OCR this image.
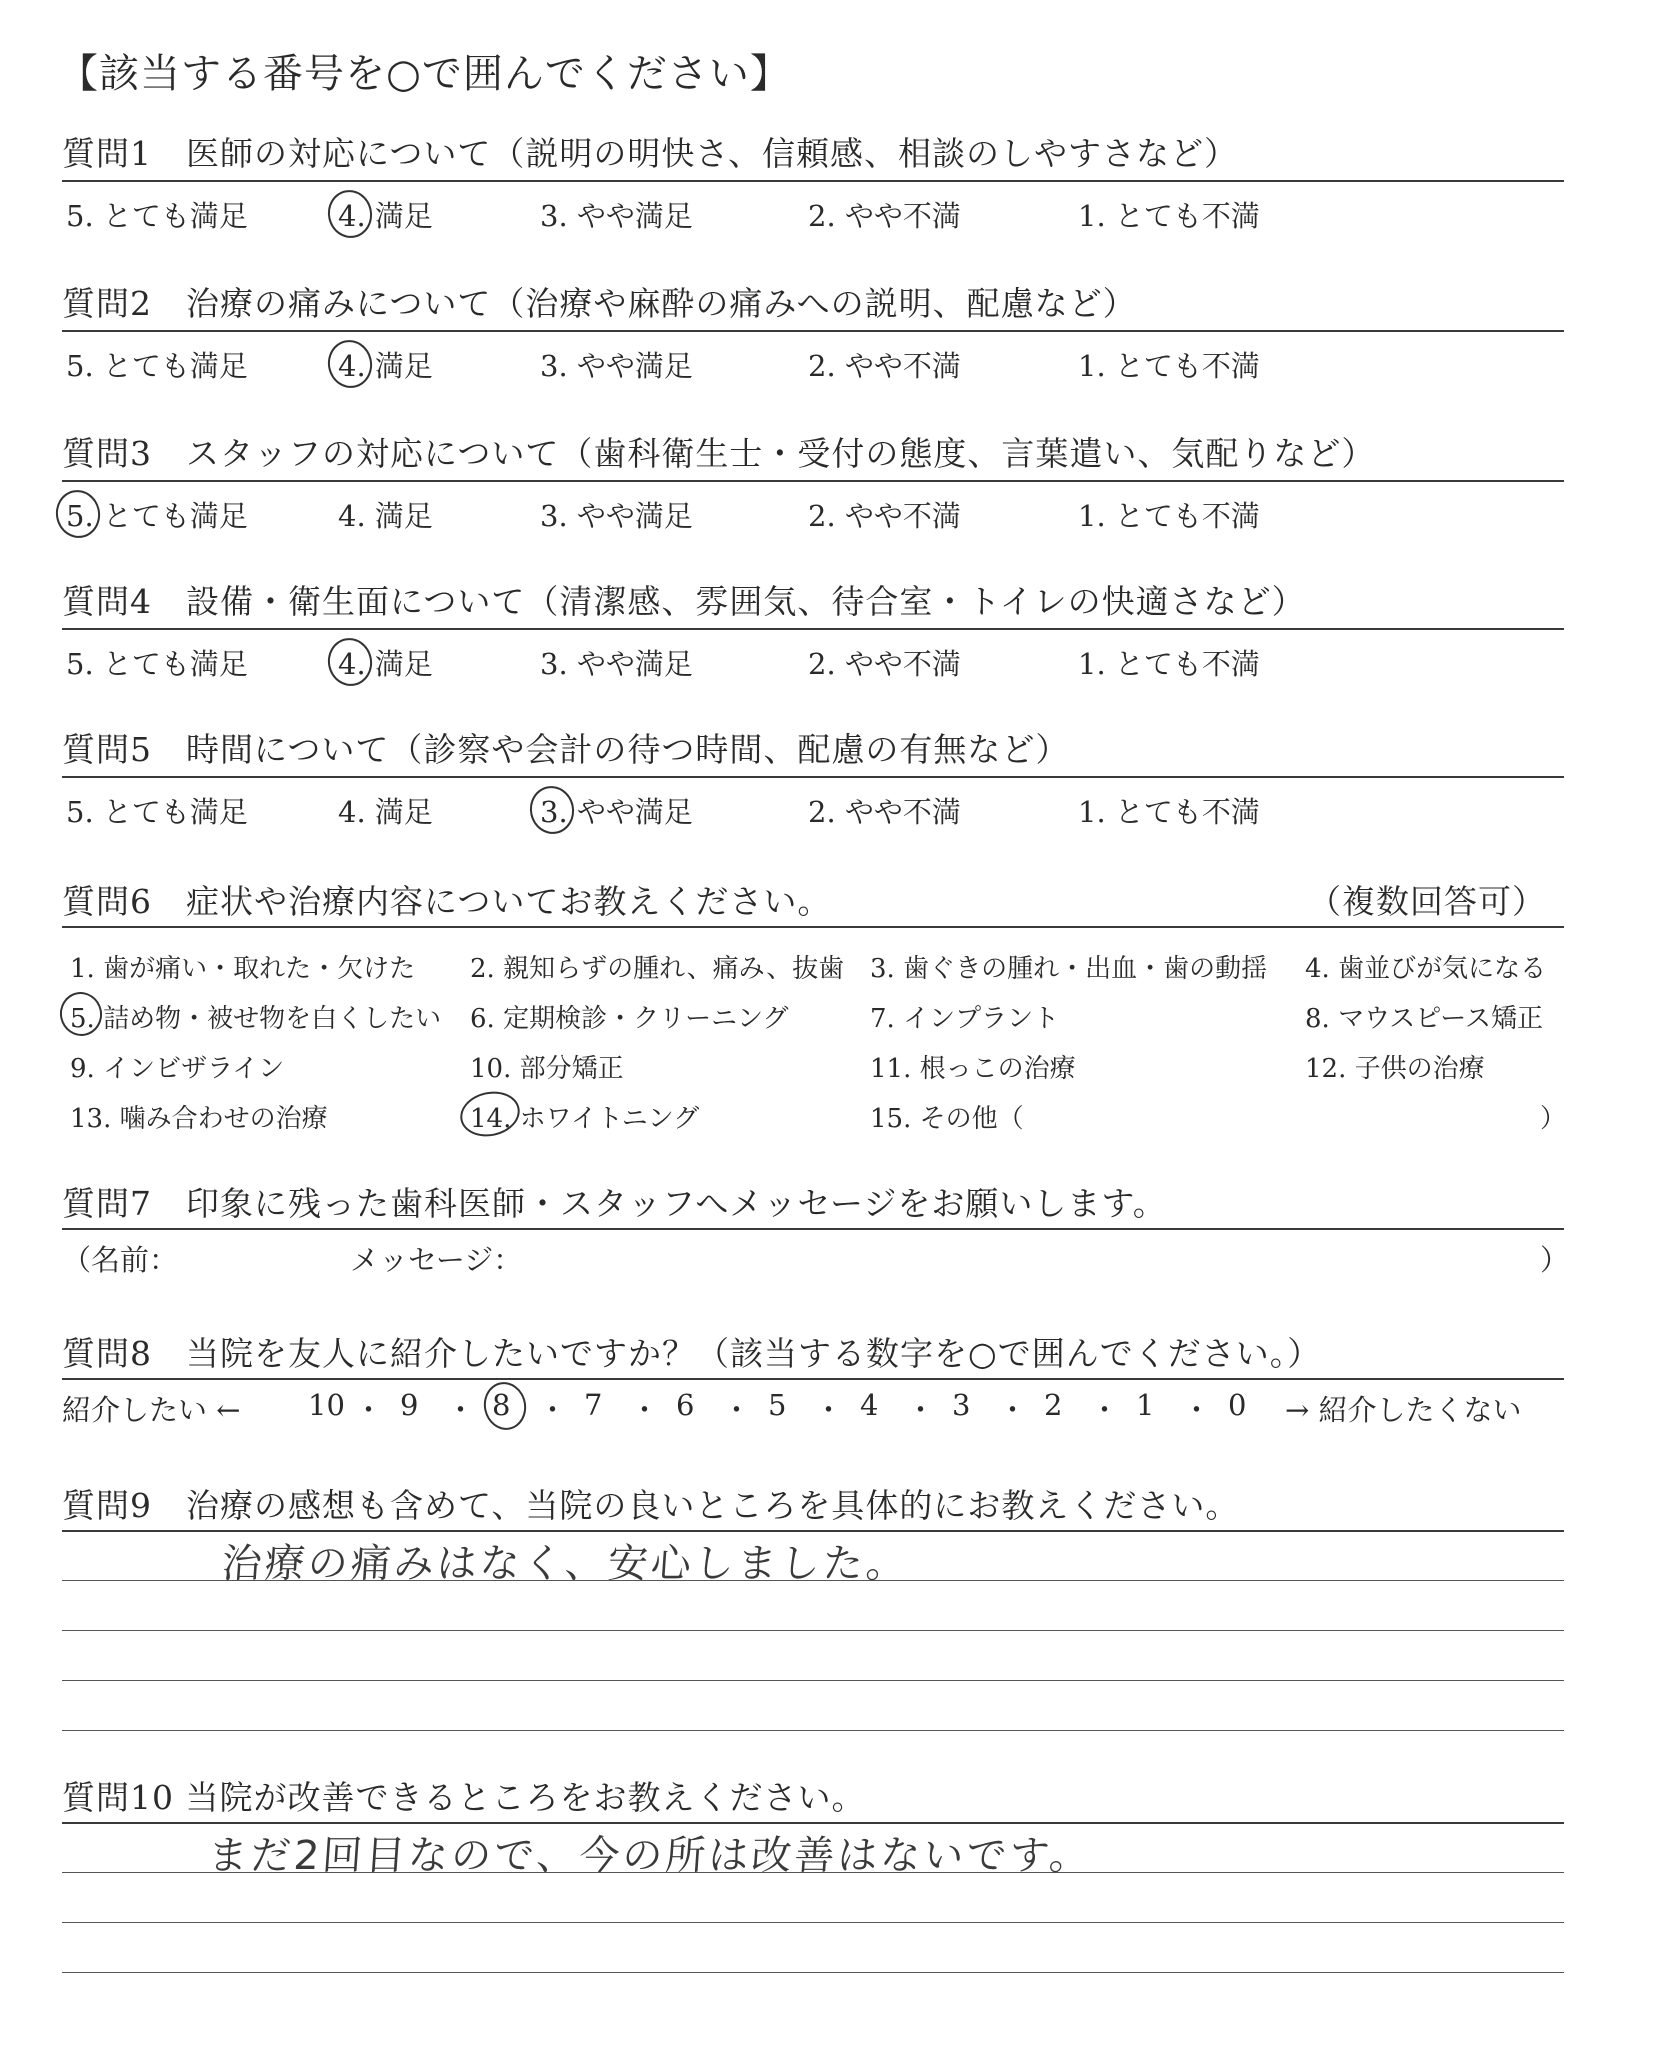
【該当する番号を○で囲んでください】
質問1　医師の対応について（説明の明快さ、信頼感、相談のしやすさなど）
5. とても満足	4. 満足	3. やや満足	2. やや不満	1. とても不満
質問2　治療の痛みについて（治療や麻酔の痛みへの説明、配慮など）
5. とても満足	4. 満足	3. やや満足	2. やや不満	1. とても不満
質問3　スタッフの対応について（歯科衛生士・受付の態度、言葉遣い、気配りなど）
5. とても満足	4. 満足	3. やや満足	2. やや不満	1. とても不満
質問4　設備・衛生面について（清潔感、雰囲気、待合室・トイレの快適さなど）
5. とても満足	4. 満足	3. やや満足	2. やや不満	1. とても不満
質問5　時間について（診察や会計の待つ時間、配慮の有無など）
5. とても満足	4. 満足	3. やや満足	2. やや不満	1. とても不満
質問6　症状や治療内容についてお教えください。	（複数回答可）
1. 歯が痛い・取れた・欠けた 2. 親知らずの腫れ、痛み、抜歯 3. 歯ぐきの腫れ・出血・歯の動揺 4. 歯並びが気になる
5. 詰め物・被せ物を白くしたい 6. 定期検診・クリーニング	7. インプラント	8. マウスピース矯正
9. インビザライン	10. 部分矯正	11. 根っこの治療	12. 子供の治療
13. 噛み合わせの治療	14. ホワイトニング	15. その他（	）
質問7　印象に残った歯科医師・スタッフへメッセージをお願いします。
（名前：	メッセージ：	）
質問8　当院を友人に紹介したいですか？（該当する数字を○で囲んでください。）
紹介したい ← 10 ・ 9 ・ 8 ・ 7 ・ 6 ・ 5 ・ 4 ・ 3 ・ 2 ・ 1 ・ 0 → 紹介したくない
質問9　治療の感想も含めて、当院の良いところを具体的にお教えください。
治療の痛みはなく、安心しました。
質問10 当院が改善できるところをお教えください。
まだ2回目なので、今の所は改善はないです。
